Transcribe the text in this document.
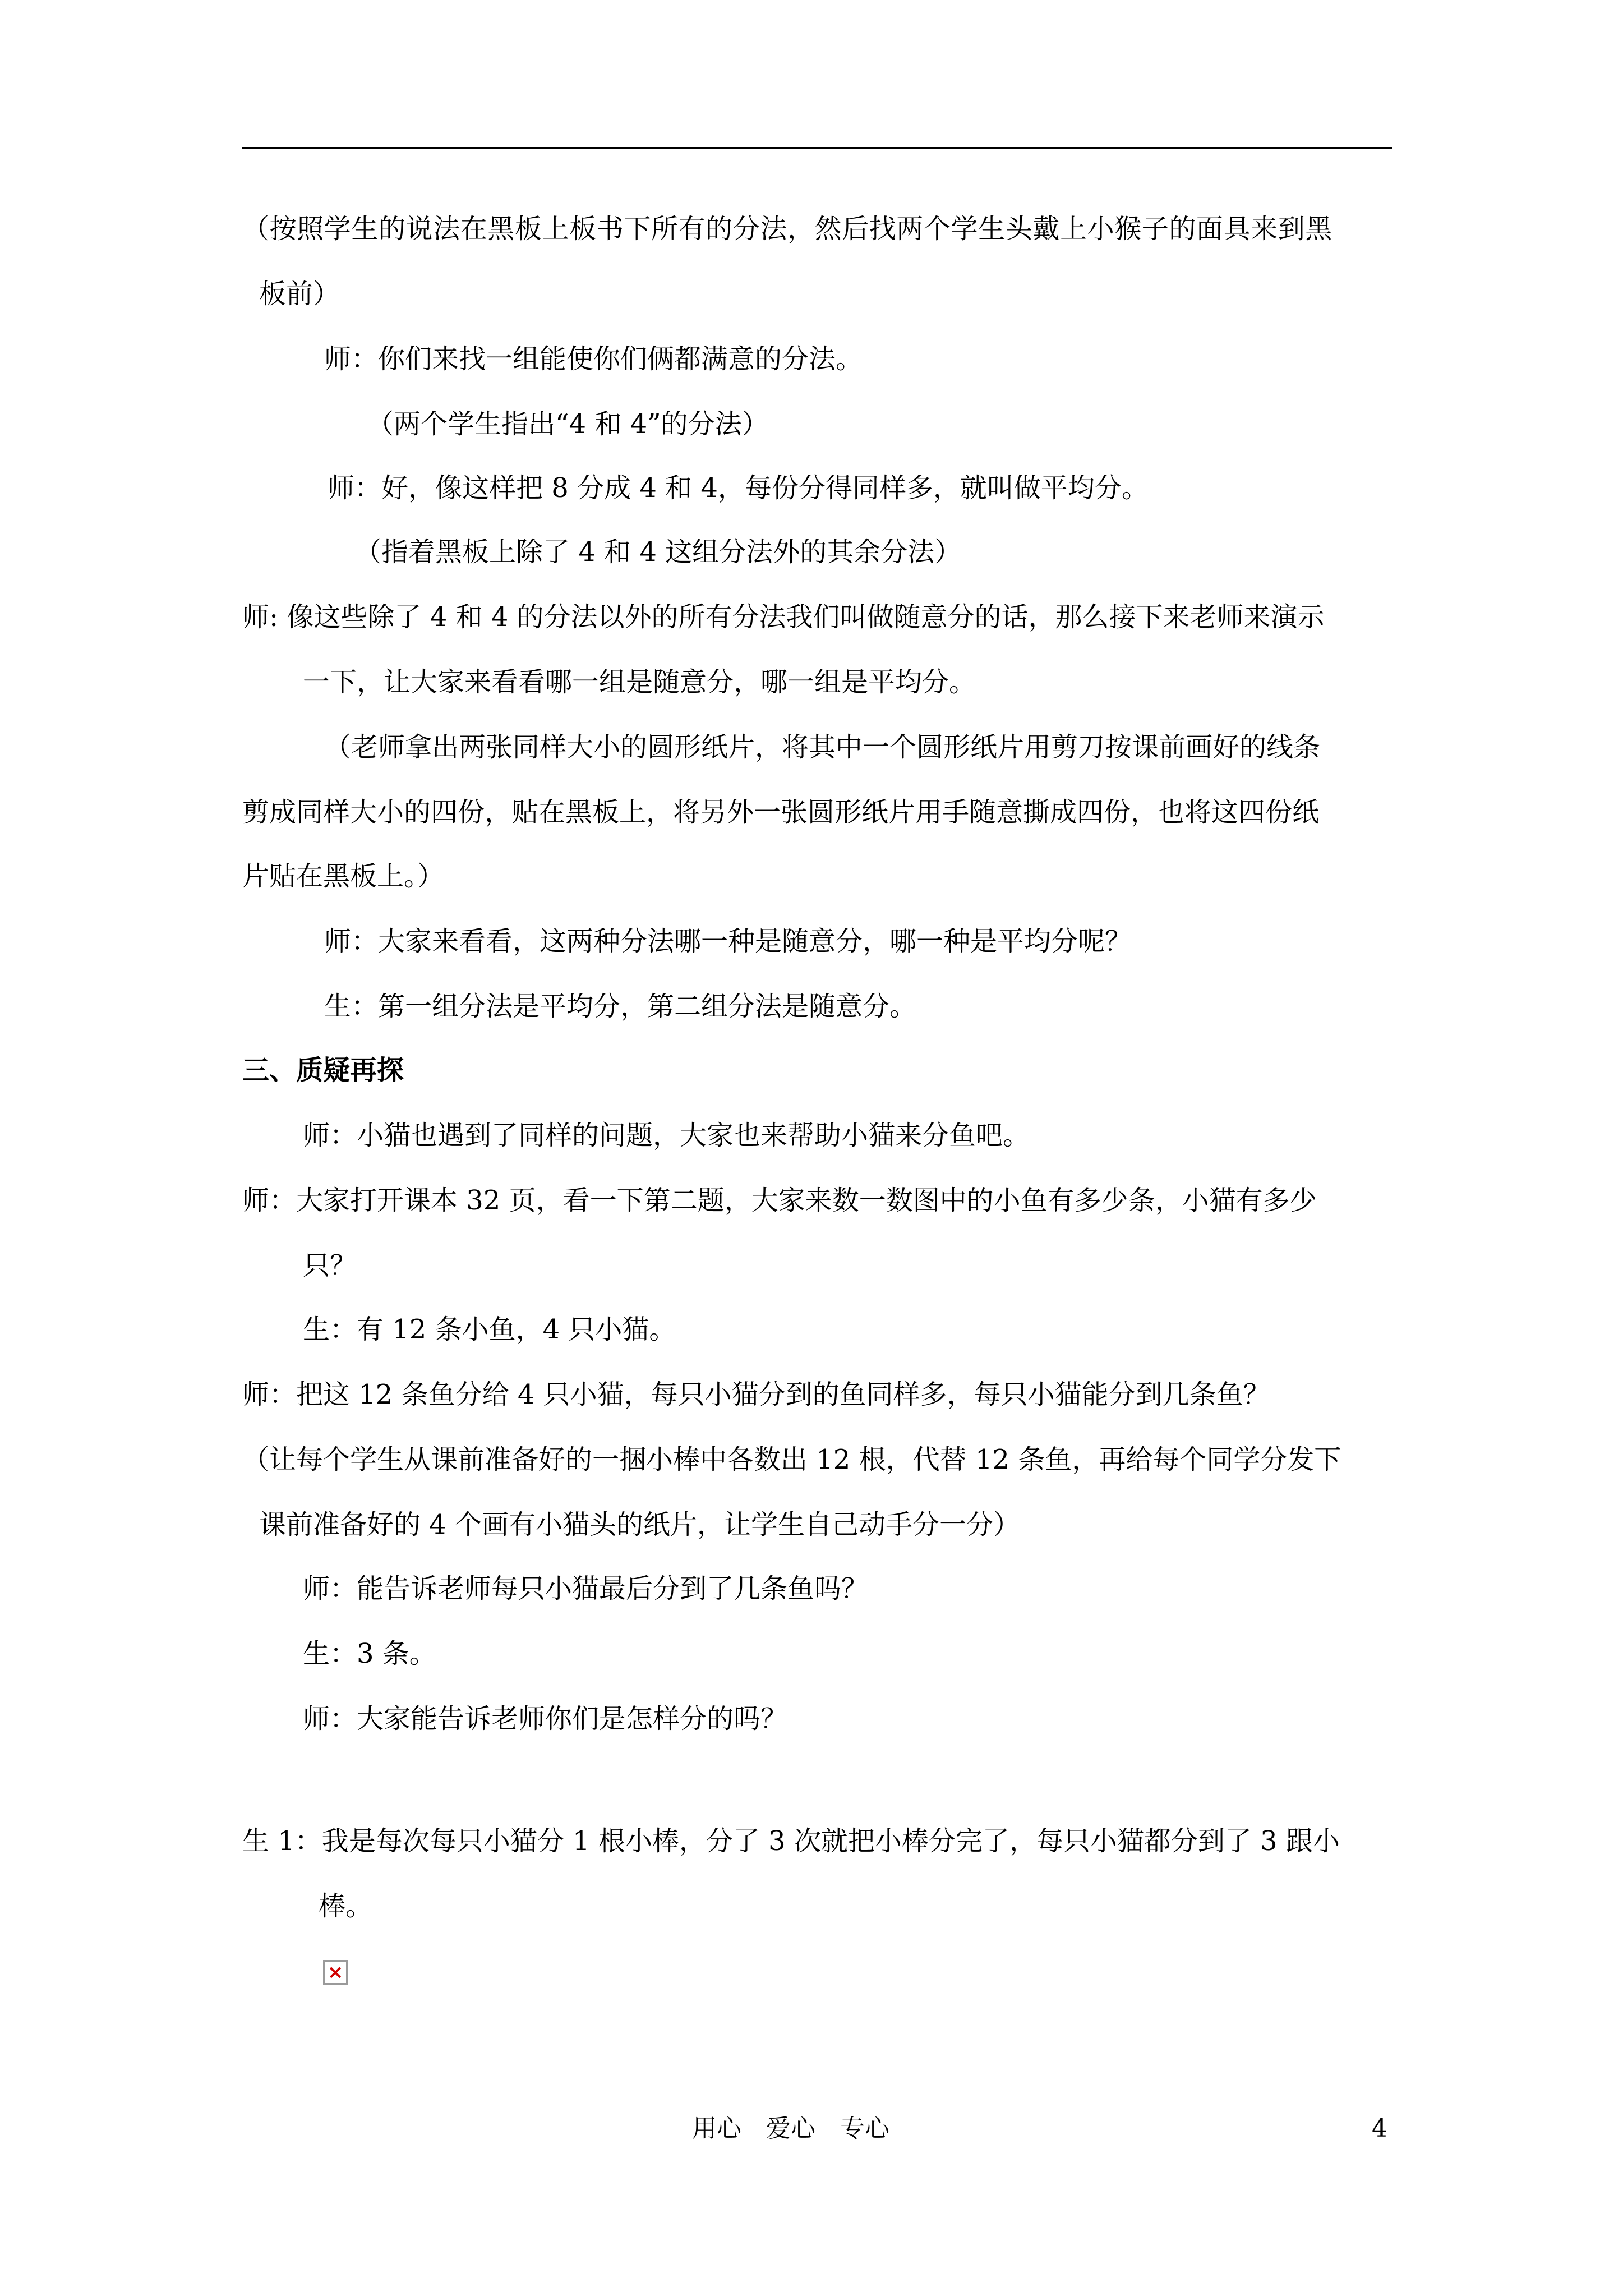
（按照学生的说法在黑板上板书下所有的分法，然后找两个学生头戴上小猴子的面具来到黑
板前）
师：你们来找一组能使你们俩都满意的分法。
（两个学生指出“4 和 4”的分法）
师：好，像这样把 8 分成 4 和 4，每份分得同样多，就叫做平均分。
（指着黑板上除了 4 和 4 这组分法外的其余分法）
师: 像这些除了 4 和 4 的分法以外的所有分法我们叫做随意分的话，那么接下来老师来演示
一下，让大家来看看哪一组是随意分，哪一组是平均分。
（老师拿出两张同样大小的圆形纸片，将其中一个圆形纸片用剪刀按课前画好的线条
剪成同样大小的四份，贴在黑板上，将另外一张圆形纸片用手随意撕成四份，也将这四份纸
片贴在黑板上。）
师：大家来看看，这两种分法哪一种是随意分，哪一种是平均分呢？
生：第一组分法是平均分，第二组分法是随意分。
三、质疑再探
师：小猫也遇到了同样的问题，大家也来帮助小猫来分鱼吧。
师：大家打开课本 32 页，看一下第二题，大家来数一数图中的小鱼有多少条，小猫有多少
只？
生：有 12 条小鱼，4 只小猫。
师：把这 12 条鱼分给 4 只小猫，每只小猫分到的鱼同样多，每只小猫能分到几条鱼？
（让每个学生从课前准备好的一捆小棒中各数出 12 根，代替 12 条鱼，再给每个同学分发下
课前准备好的 4 个画有小猫头的纸片，让学生自己动手分一分）
师：能告诉老师每只小猫最后分到了几条鱼吗？
生：3 条。
师：大家能告诉老师你们是怎样分的吗？
生 1：我是每次每只小猫分 1 根小棒，分了 3 次就把小棒分完了，每只小猫都分到了 3 跟小
棒。
×
用心　爱心　专心	4
